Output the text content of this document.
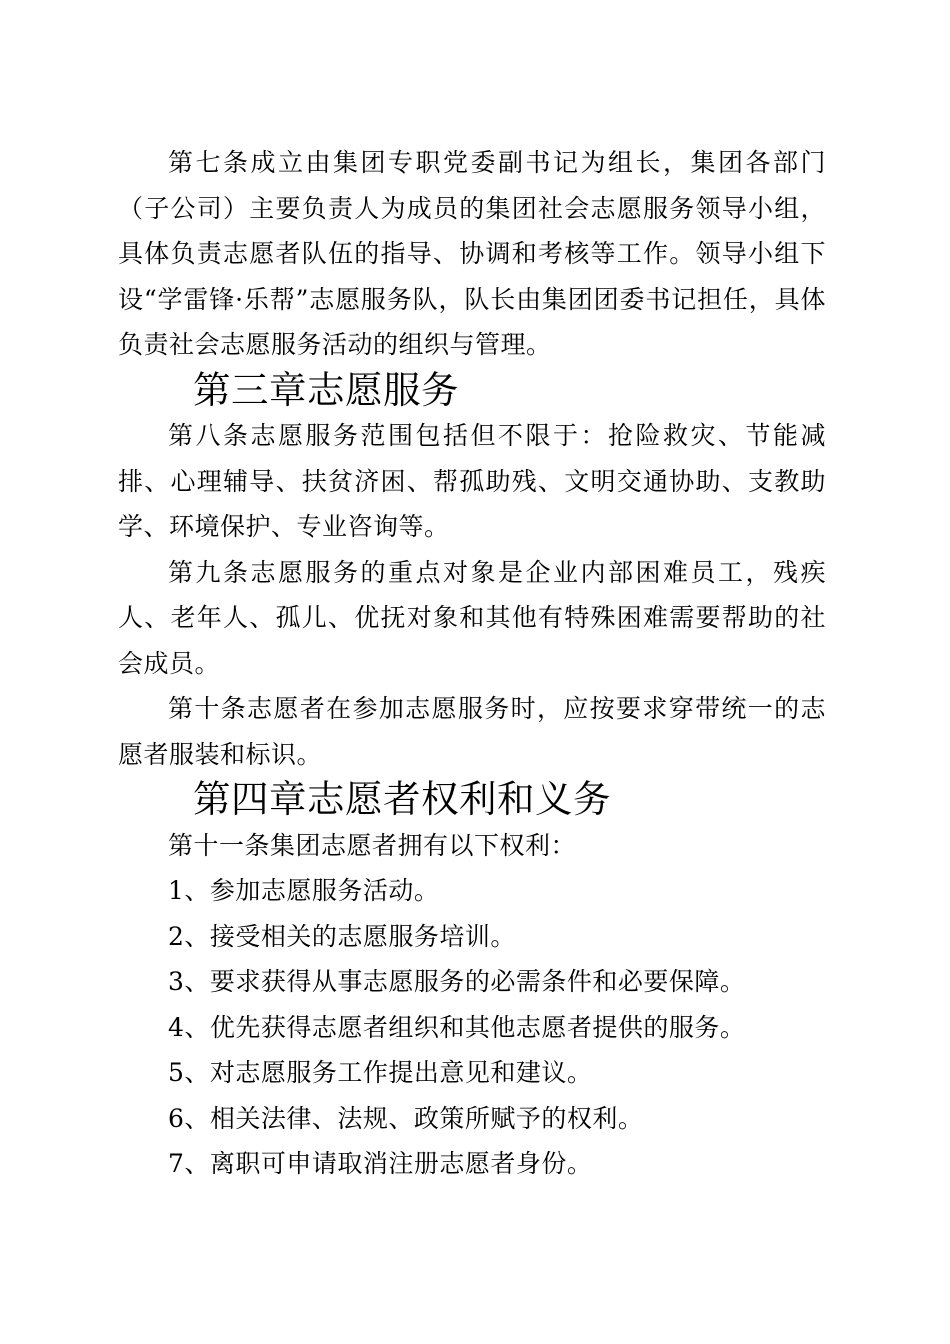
第七条成立由集团专职党委副书记为组长，集团各部门（子公司）主要负责人为成员的集团社会志愿服务领导小组，具体负责志愿者队伍的指导、协调和考核等工作。领导小组下设“学雷锋·乐帮”志愿服务队，队长由集团团委书记担任，具体负责社会志愿服务活动的组织与管理。

第三章志愿服务

第八条志愿服务范围包括但不限于：抢险救灾、节能减排、心理辅导、扶贫济困、帮孤助残、文明交通协助、支教助学、环境保护、专业咨询等。

第九条志愿服务的重点对象是企业内部困难员工，残疾人、老年人、孤儿、优抚对象和其他有特殊困难需要帮助的社会成员。

第十条志愿者在参加志愿服务时，应按要求穿带统一的志愿者服装和标识。

第四章志愿者权利和义务

第十一条集团志愿者拥有以下权利：

1、参加志愿服务活动。

2、接受相关的志愿服务培训。

3、要求获得从事志愿服务的必需条件和必要保障。

4、优先获得志愿者组织和其他志愿者提供的服务。

5、对志愿服务工作提出意见和建议。

6、相关法律、法规、政策所赋予的权利。

7、离职可申请取消注册志愿者身份。
